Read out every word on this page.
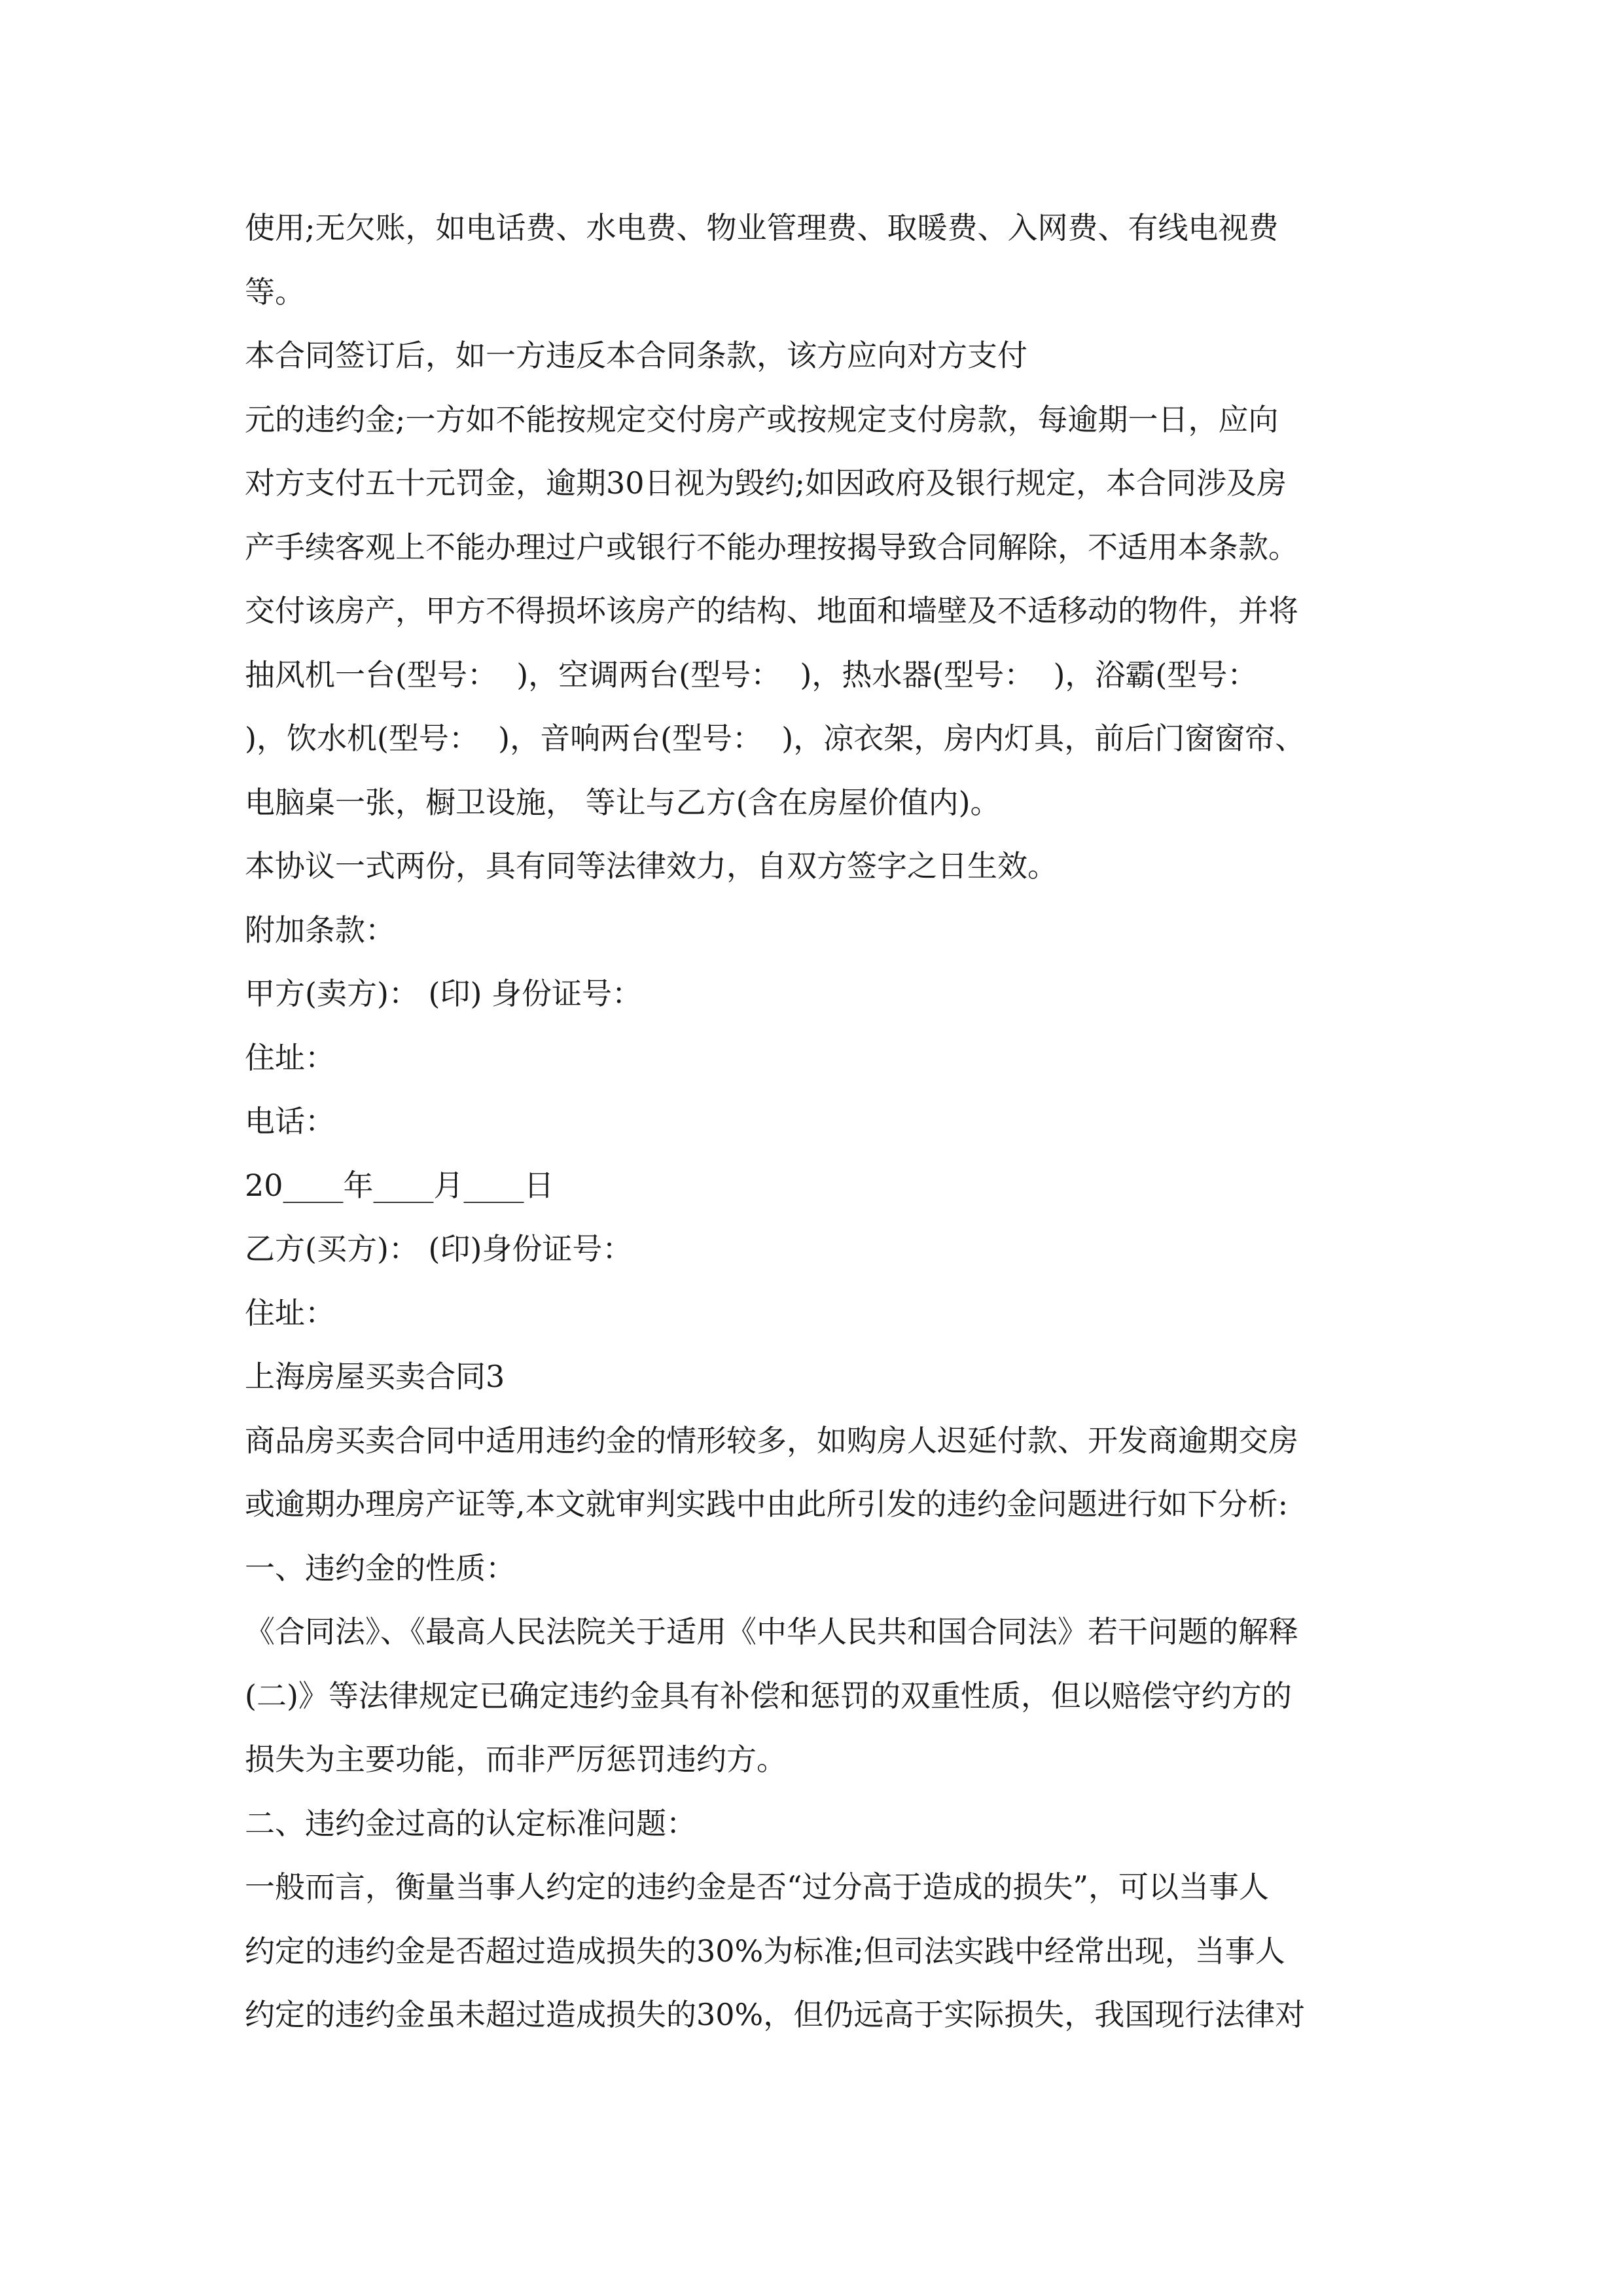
使用;无欠账，如电话费、水电费、物业管理费、取暖费、入网费、有线电视费
等。
本合同签订后，如一方违反本合同条款，该方应向对方支付
元的违约金;一方如不能按规定交付房产或按规定支付房款，每逾期一日，应向
对方支付五十元罚金，逾期30日视为毁约;如因政府及银行规定，本合同涉及房
产手续客观上不能办理过户或银行不能办理按揭导致合同解除，不适用本条款。
交付该房产，甲方不得损坏该房产的结构、地面和墙壁及不适移动的物件，并将
抽风机一台(型号：  )，空调两台(型号：  )，热水器(型号：  )，浴霸(型号：
)，饮水机(型号：  )，音响两台(型号：  )，凉衣架，房内灯具，前后门窗窗帘、
电脑桌一张，橱卫设施， 等让与乙方(含在房屋价值内)。
本协议一式两份，具有同等法律效力，自双方签字之日生效。
附加条款：
甲方(卖方)： (印) 身份证号：
住址：
电话：
20____年____月____日
乙方(买方)： (印)身份证号：
住址：
上海房屋买卖合同3
商品房买卖合同中适用违约金的情形较多，如购房人迟延付款、开发商逾期交房
或逾期办理房产证等,本文就审判实践中由此所引发的违约金问题进行如下分析:
一、违约金的性质：
《合同法》、《最高人民法院关于适用《中华人民共和国合同法》若干问题的解释
(二)》等法律规定已确定违约金具有补偿和惩罚的双重性质，但以赔偿守约方的
损失为主要功能，而非严厉惩罚违约方。
二、违约金过高的认定标准问题：
一般而言，衡量当事人约定的违约金是否“过分高于造成的损失”，可以当事人
约定的违约金是否超过造成损失的30%为标准;但司法实践中经常出现，当事人
约定的违约金虽未超过造成损失的30%，但仍远高于实际损失，我国现行法律对
